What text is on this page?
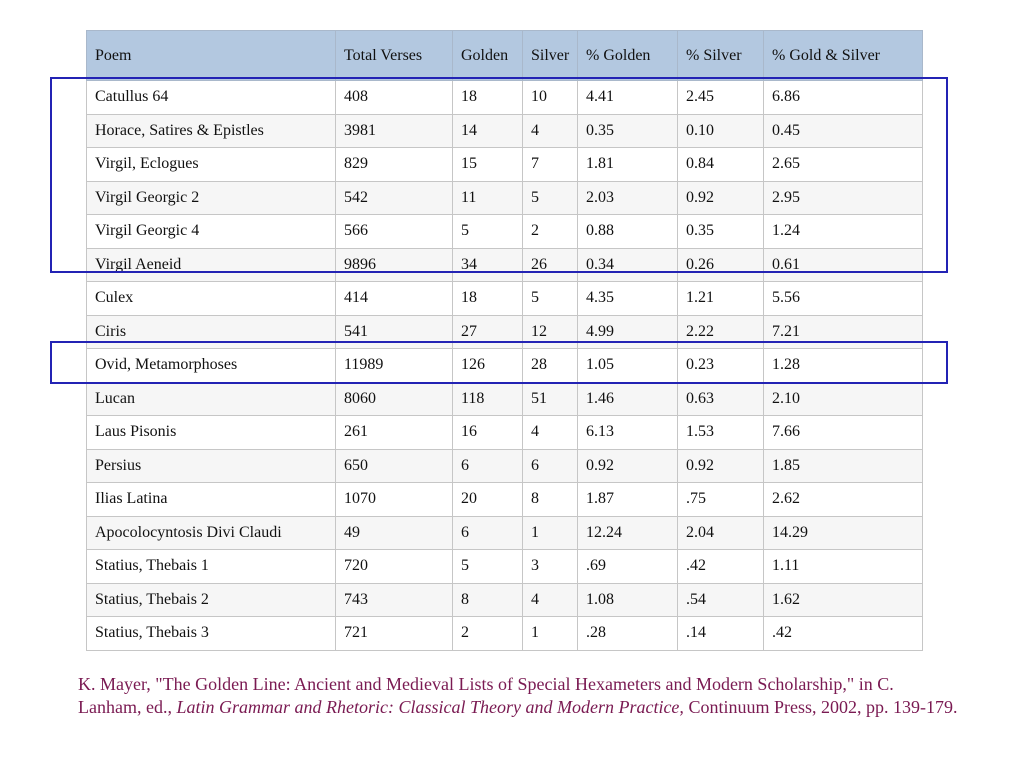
Poem	Total Verses	Golden	Silver	% Golden	% Silver	% Gold & Silver
Catullus 64	408	18	10	4.41	2.45	6.86
Horace, Satires & Epistles	3981	14	4	0.35	0.10	0.45
Virgil, Eclogues	829	15	7	1.81	0.84	2.65
Virgil Georgic 2	542	11	5	2.03	0.92	2.95
Virgil Georgic 4	566	5	2	0.88	0.35	1.24
Virgil Aeneid	9896	34	26	0.34	0.26	0.61
Culex	414	18	5	4.35	1.21	5.56
Ciris	541	27	12	4.99	2.22	7.21
Ovid, Metamorphoses	11989	126	28	1.05	0.23	1.28
Lucan	8060	118	51	1.46	0.63	2.10
Laus Pisonis	261	16	4	6.13	1.53	7.66
Persius	650	6	6	0.92	0.92	1.85
Ilias Latina	1070	20	8	1.87	.75	2.62
Apocolocyntosis Divi Claudi	49	6	1	12.24	2.04	14.29
Statius, Thebais 1	720	5	3	.69	.42	1.11
Statius, Thebais 2	743	8	4	1.08	.54	1.62
Statius, Thebais 3	721	2	1	.28	.14	.42
K. Mayer, "The Golden Line: Ancient and Medieval Lists of Special Hexameters and Modern Scholarship," in C. Lanham, ed., Latin Grammar and Rhetoric: Classical Theory and Modern Practice, Continuum Press, 2002, pp. 139-179.
